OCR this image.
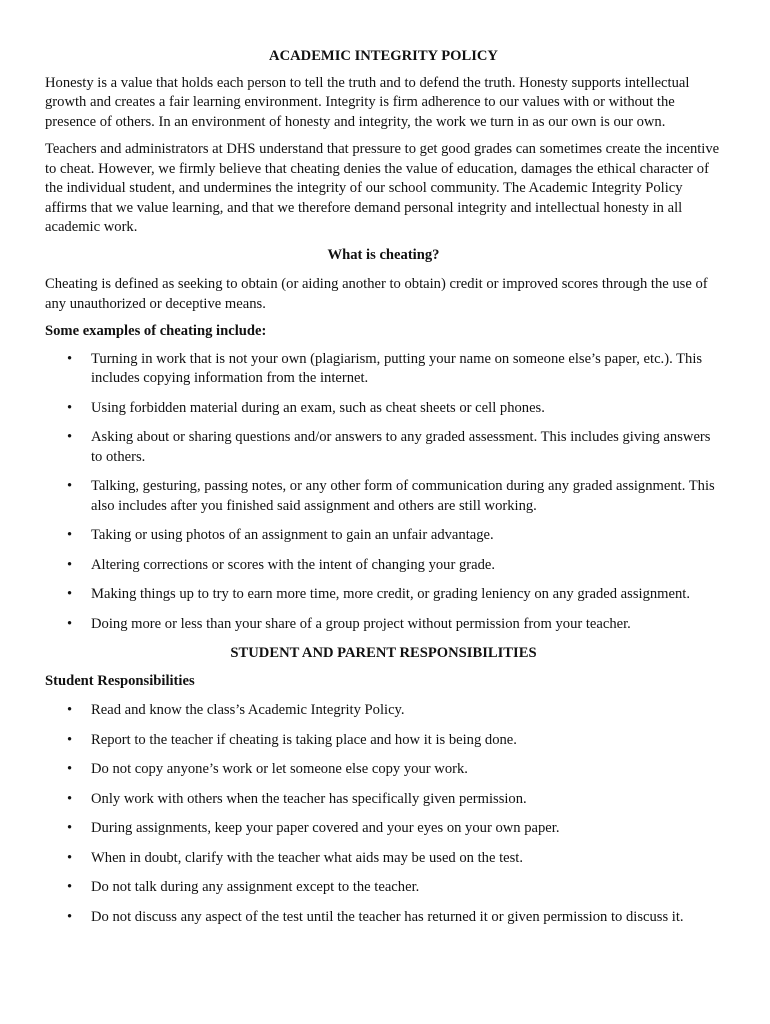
ACADEMIC INTEGRITY POLICY

Honesty is a value that holds each person to tell the truth and to defend the truth. Honesty supports intellectual growth and creates a fair learning environment. Integrity is firm adherence to our values with or without the presence of others. In an environment of honesty and integrity, the work we turn in as our own is our own.

Teachers and administrators at DHS understand that pressure to get good grades can sometimes create the incentive to cheat. However, we firmly believe that cheating denies the value of education, damages the ethical character of the individual student, and undermines the integrity of our school community. The Academic Integrity Policy affirms that we value learning, and that we therefore demand personal integrity and intellectual honesty in all academic work.

What is cheating?

Cheating is defined as seeking to obtain (or aiding another to obtain) credit or improved scores through the use of any unauthorized or deceptive means.

Some examples of cheating include:
• Turning in work that is not your own (plagiarism, putting your name on someone else’s paper, etc.). This includes copying information from the internet.
• Using forbidden material during an exam, such as cheat sheets or cell phones.
• Asking about or sharing questions and/or answers to any graded assessment. This includes giving answers to others.
• Talking, gesturing, passing notes, or any other form of communication during any graded assignment. This also includes after you finished said assignment and others are still working.
• Taking or using photos of an assignment to gain an unfair advantage.
• Altering corrections or scores with the intent of changing your grade.
• Making things up to try to earn more time, more credit, or grading leniency on any graded assignment.
• Doing more or less than your share of a group project without permission from your teacher.
STUDENT AND PARENT RESPONSIBILITIES
Student Responsibilities
• Read and know the class’s Academic Integrity Policy.
• Report to the teacher if cheating is taking place and how it is being done.
• Do not copy anyone’s work or let someone else copy your work.
• Only work with others when the teacher has specifically given permission.
• During assignments, keep your paper covered and your eyes on your own paper.
• When in doubt, clarify with the teacher what aids may be used on the test.
• Do not talk during any assignment except to the teacher.
• Do not discuss any aspect of the test until the teacher has returned it or given permission to discuss it.
